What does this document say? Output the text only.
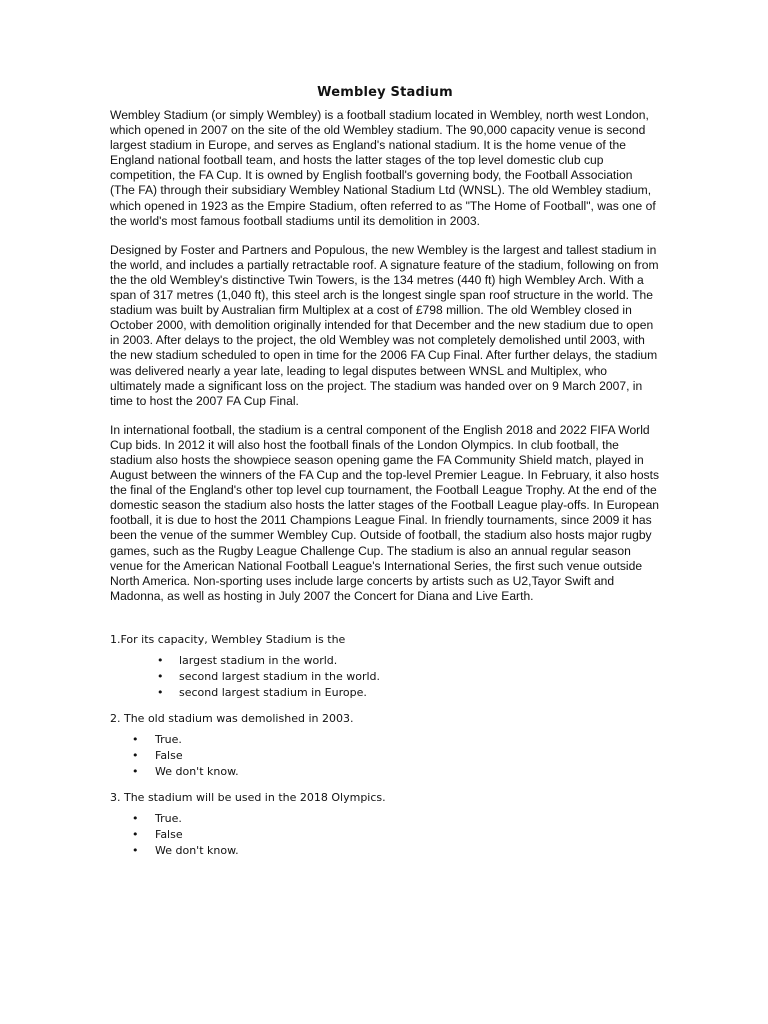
Wembley Stadium

Wembley Stadium (or simply Wembley) is a football stadium located in Wembley, north west London, which opened in 2007 on the site of the old Wembley stadium. The 90,000 capacity venue is second largest stadium in Europe, and serves as England's national stadium. It is the home venue of the England national football team, and hosts the latter stages of the top level domestic club cup competition, the FA Cup. It is owned by English football's governing body, the Football Association (The FA) through their subsidiary Wembley National Stadium Ltd (WNSL). The old Wembley stadium, which opened in 1923 as the Empire Stadium, often referred to as "The Home of Football", was one of the world's most famous football stadiums until its demolition in 2003.

Designed by Foster and Partners and Populous, the new Wembley is the largest and tallest stadium in the world, and includes a partially retractable roof. A signature feature of the stadium, following on from the the old Wembley's distinctive Twin Towers, is the 134 metres (440 ft) high Wembley Arch. With a span of 317 metres (1,040 ft), this steel arch is the longest single span roof structure in the world. The stadium was built by Australian firm Multiplex at a cost of £798 million. The old Wembley closed in October 2000, with demolition originally intended for that December and the new stadium due to open in 2003. After delays to the project, the old Wembley was not completely demolished until 2003, with the new stadium scheduled to open in time for the 2006 FA Cup Final. After further delays, the stadium was delivered nearly a year late, leading to legal disputes between WNSL and Multiplex, who ultimately made a significant loss on the project. The stadium was handed over on 9 March 2007, in time to host the 2007 FA Cup Final.

In international football, the stadium is a central component of the English 2018 and 2022 FIFA World Cup bids. In 2012 it will also host the football finals of the London Olympics. In club football, the stadium also hosts the showpiece season opening game the FA Community Shield match, played in August between the winners of the FA Cup and the top-level Premier League. In February, it also hosts the final of the England's other top level cup tournament, the Football League Trophy. At the end of the domestic season the stadium also hosts the latter stages of the Football League play-offs. In European football, it is due to host the 2011 Champions League Final. In friendly tournaments, since 2009 it has been the venue of the summer Wembley Cup. Outside of football, the stadium also hosts major rugby games, such as the Rugby League Challenge Cup. The stadium is also an annual regular season venue for the American National Football League's International Series, the first such venue outside North America. Non-sporting uses include large concerts by artists such as U2,Tayor Swift and Madonna, as well as hosting in July 2007 the Concert for Diana and Live Earth.

1.For its capacity, Wembley Stadium is the
• largest stadium in the world.
• second largest stadium in the world.
• second largest stadium in Europe.
2. The old stadium was demolished in 2003.
• True.
• False
• We don't know.
3. The stadium will be used in the 2018 Olympics.
• True.
• False
• We don't know.
